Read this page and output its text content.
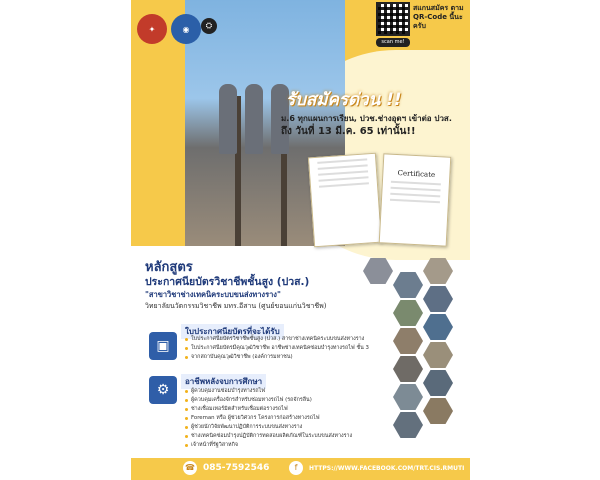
✦	◉	⛭
scan me!
สแกนสมัคร ตาม QR-Code นี้นะครับ
รับสมัครด่วน !!
ม.6 ทุกแผนการเรียน, ปวช.ช่างอุตฯ เข้าต่อ ปวส.
ถึง วันที่ 13 มี.ค. 65 เท่านั้น!!
Certificate
หลักสูตร
ประกาศนียบัตรวิชาชีพชั้นสูง (ปวส.)
"สาขาวิชาช่างเทคนิคระบบขนส่งทางราง"
วิทยาลัยนวัตกรรมวิชาชีพ มทร.อีสาน (ศูนย์ขอนแก่นวิชาชีพ)
▣
ใบประกาศนียบัตรที่จะได้รับ
ใบประกาศนียบัตรวิชาชีพชั้นสูง (ปวส.) สาขาช่างเทคนิคระบบขนส่งทางราง
ใบประกาศนียบัตรมีคุณวุฒิวิชาชีพ อาชีพช่างเทคนิคซ่อมบำรุงทางรถไฟ ชั้น 3
จากสถาบันคุณวุฒิวิชาชีพ (องค์การมหาชน)
⚙
อาชีพหลังจบการศึกษา
ผู้ควบคุมงานซ่อมบำรุงทางรถไฟ
ผู้ควบคุมเครื่องจักรสำหรับซ่อมทางรถไฟ (รถจักรลีน)
ช่างเชื่อมเทอร์มิตสำหรับเชื่อมต่อรางรถไฟ
Foreman หรือ ผู้ช่วยวิศวกร โครงการก่อสร้างทางรถไฟ
ผู้ช่วยนักวิจัยพัฒนาปฏิบัติการระบบขนส่งทางราง
ช่างเทคนิคซ่อมบำรุงปฏิบัติการทดสอบผลิตภัณฑ์ในระบบขนส่งทางราง
เจ้าหน้าที่รัฐวิสาหกิจ
☎ 085-7592546	f	HTTPS://WWW.FACEBOOK.COM/TRT.CIS.RMUTI
